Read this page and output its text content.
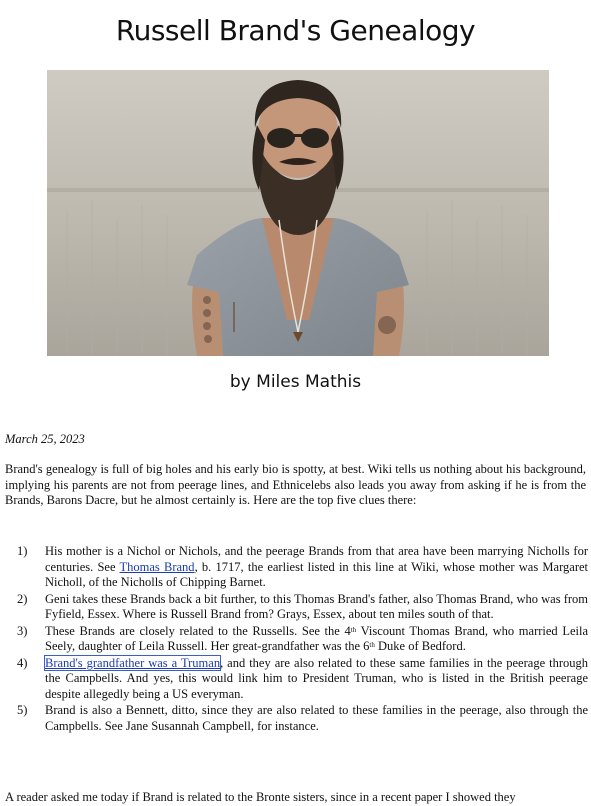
Russell Brand's Genealogy
by Miles Mathis
March 25, 2023
Brand's genealogy is full of big holes and his early bio is spotty, at best. Wiki tells us nothing about his background, implying his parents are not from peerage lines, and Ethnicelebs also leads you away from asking if he is from the Brands, Barons Dacre, but he almost certainly is. Here are the top five clues there:
1) His mother is a Nichol or Nichols, and the peerage Brands from that area have been marrying Nicholls for centuries. See Thomas Brand, b. 1717, the earliest listed in this line at Wiki, whose mother was Margaret Nicholl, of the Nicholls of Chipping Barnet.
2) Geni takes these Brands back a bit further, to this Thomas Brand's father, also Thomas Brand, who was from Fyfield, Essex. Where is Russell Brand from? Grays, Essex, about ten miles south of that.
3) These Brands are closely related to the Russells. See the 4th Viscount Thomas Brand, who married Leila Seely, daughter of Leila Russell. Her great-grandfather was the 6th Duke of Bedford.
4) Brand's grandfather was a Truman, and they are also related to these same families in the peerage through the Campbells. And yes, this would link him to President Truman, who is listed in the British peerage despite allegedly being a US everyman.
5) Brand is also a Bennett, ditto, since they are also related to these families in the peerage, also through the Campbells. See Jane Susannah Campbell, for instance.
A reader asked me today if Brand is related to the Bronte sisters, since in a recent paper I showed they
